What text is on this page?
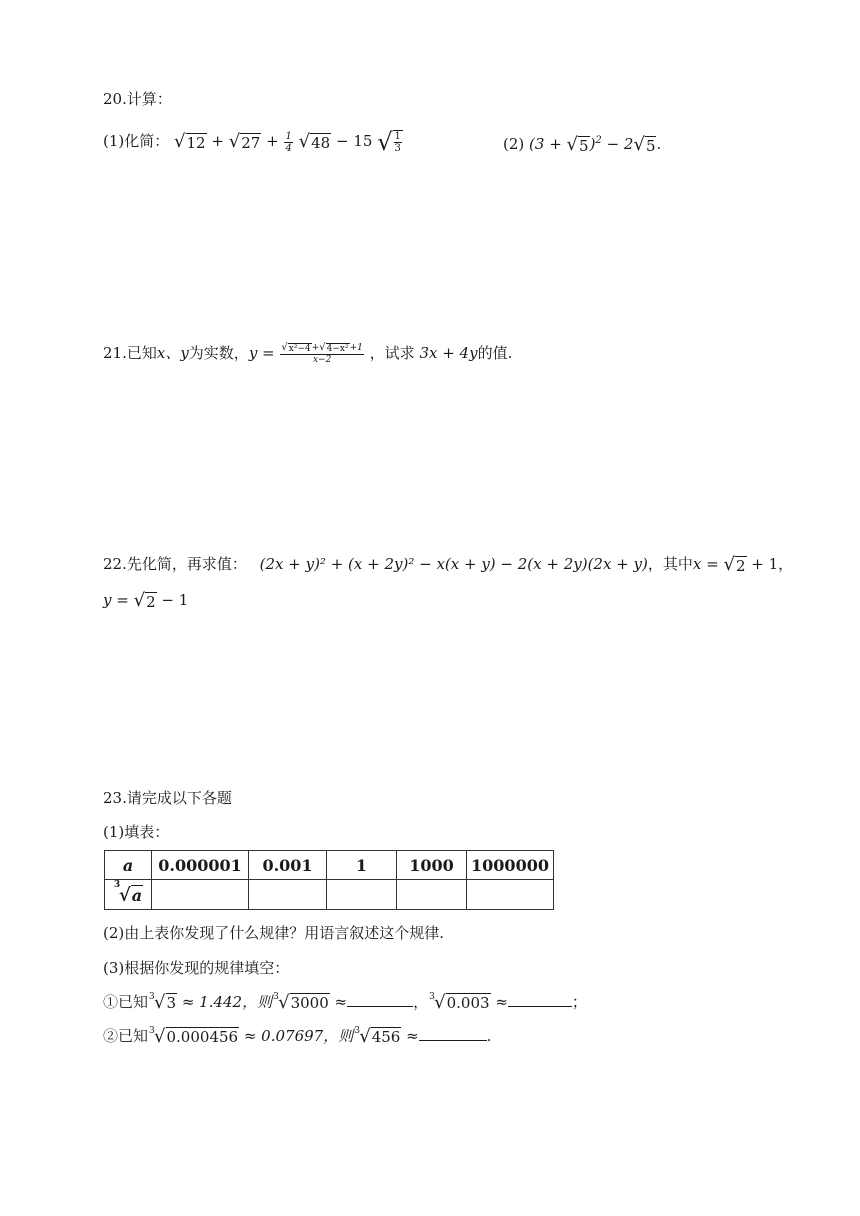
20.计算：
(1)化简： √ 12 + √ $27 + \frac{1}{4}$
√ 48 − 15 √ $\frac{1}{3}$	(2) (3 + √ 5 )$^2$ − 2 √ 5 .
21.已知x、y为实数，$y = \frac{\text{√ x²−4 + √ 4−x² +1}}{x-2}$ ，试求 3x + 4y的值.
22.先化简，再求值： (2x + y)² + (x + 2y)² − x(x + y) − 2(x + 2y)(2x + y)，其中x = √ 2 + 1，
y = √ 2 − 1
23.请完成以下各题
(1)填表：
a	0.000001	0.001	1	1000	1000000

3
√a					
(2)由上表你发现了什么规律？用语言叙述这个规律.
(3)根据你发现的规律填空：
①已知 3 √3 ≈ 1.442，则 3 √3000 ≈	， 3 √0.003 ≈	；
②已知 3 √0.000456 ≈ 0.07697，则 3 √456 ≈	.
